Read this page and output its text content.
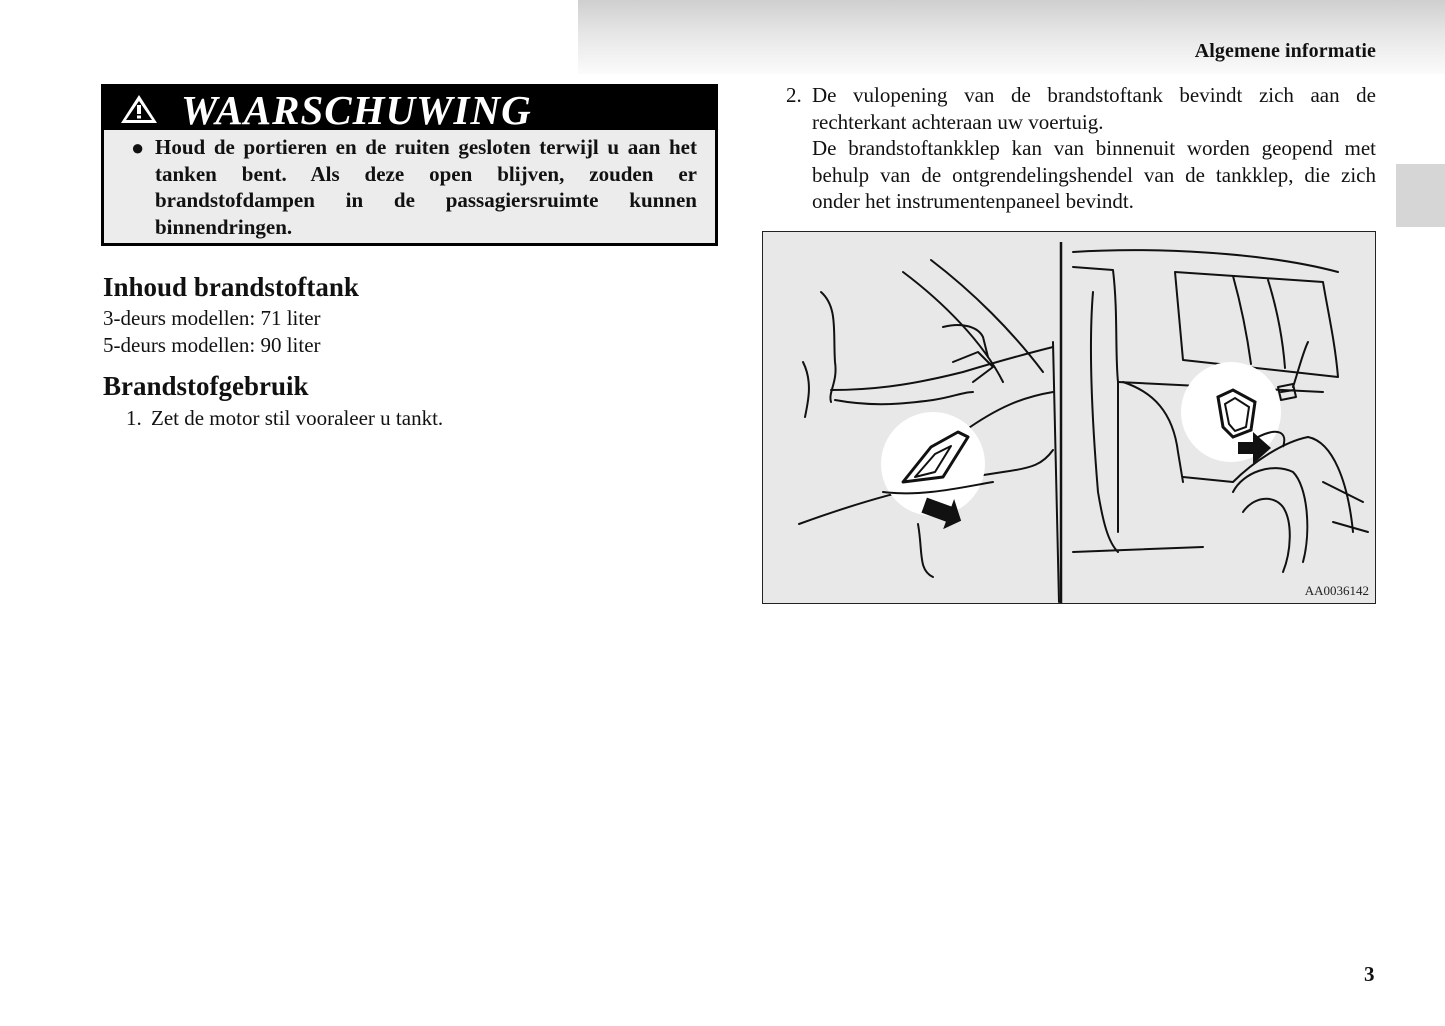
Algemene informatie
WAARSCHUWING
● Houd de portieren en de ruiten gesloten terwijl u aan het tanken bent. Als deze open blijven, zouden er brandstofdampen in de passagiersruimte kunnen binnendringen.
Inhoud brandstoftank
3-deurs modellen: 71 liter
5-deurs modellen: 90 liter
Brandstofgebruik
1. Zet de motor stil vooraleer u tankt.
2. De vulopening van de brandstoftank bevindt zich aan de rechterkant achteraan uw voertuig.

De brandstoftankklep kan van binnenuit worden geopend met behulp van de ontgrendelingshendel van de tankklep, die zich onder het instrumentenpaneel bevindt.

AA0036142
3
